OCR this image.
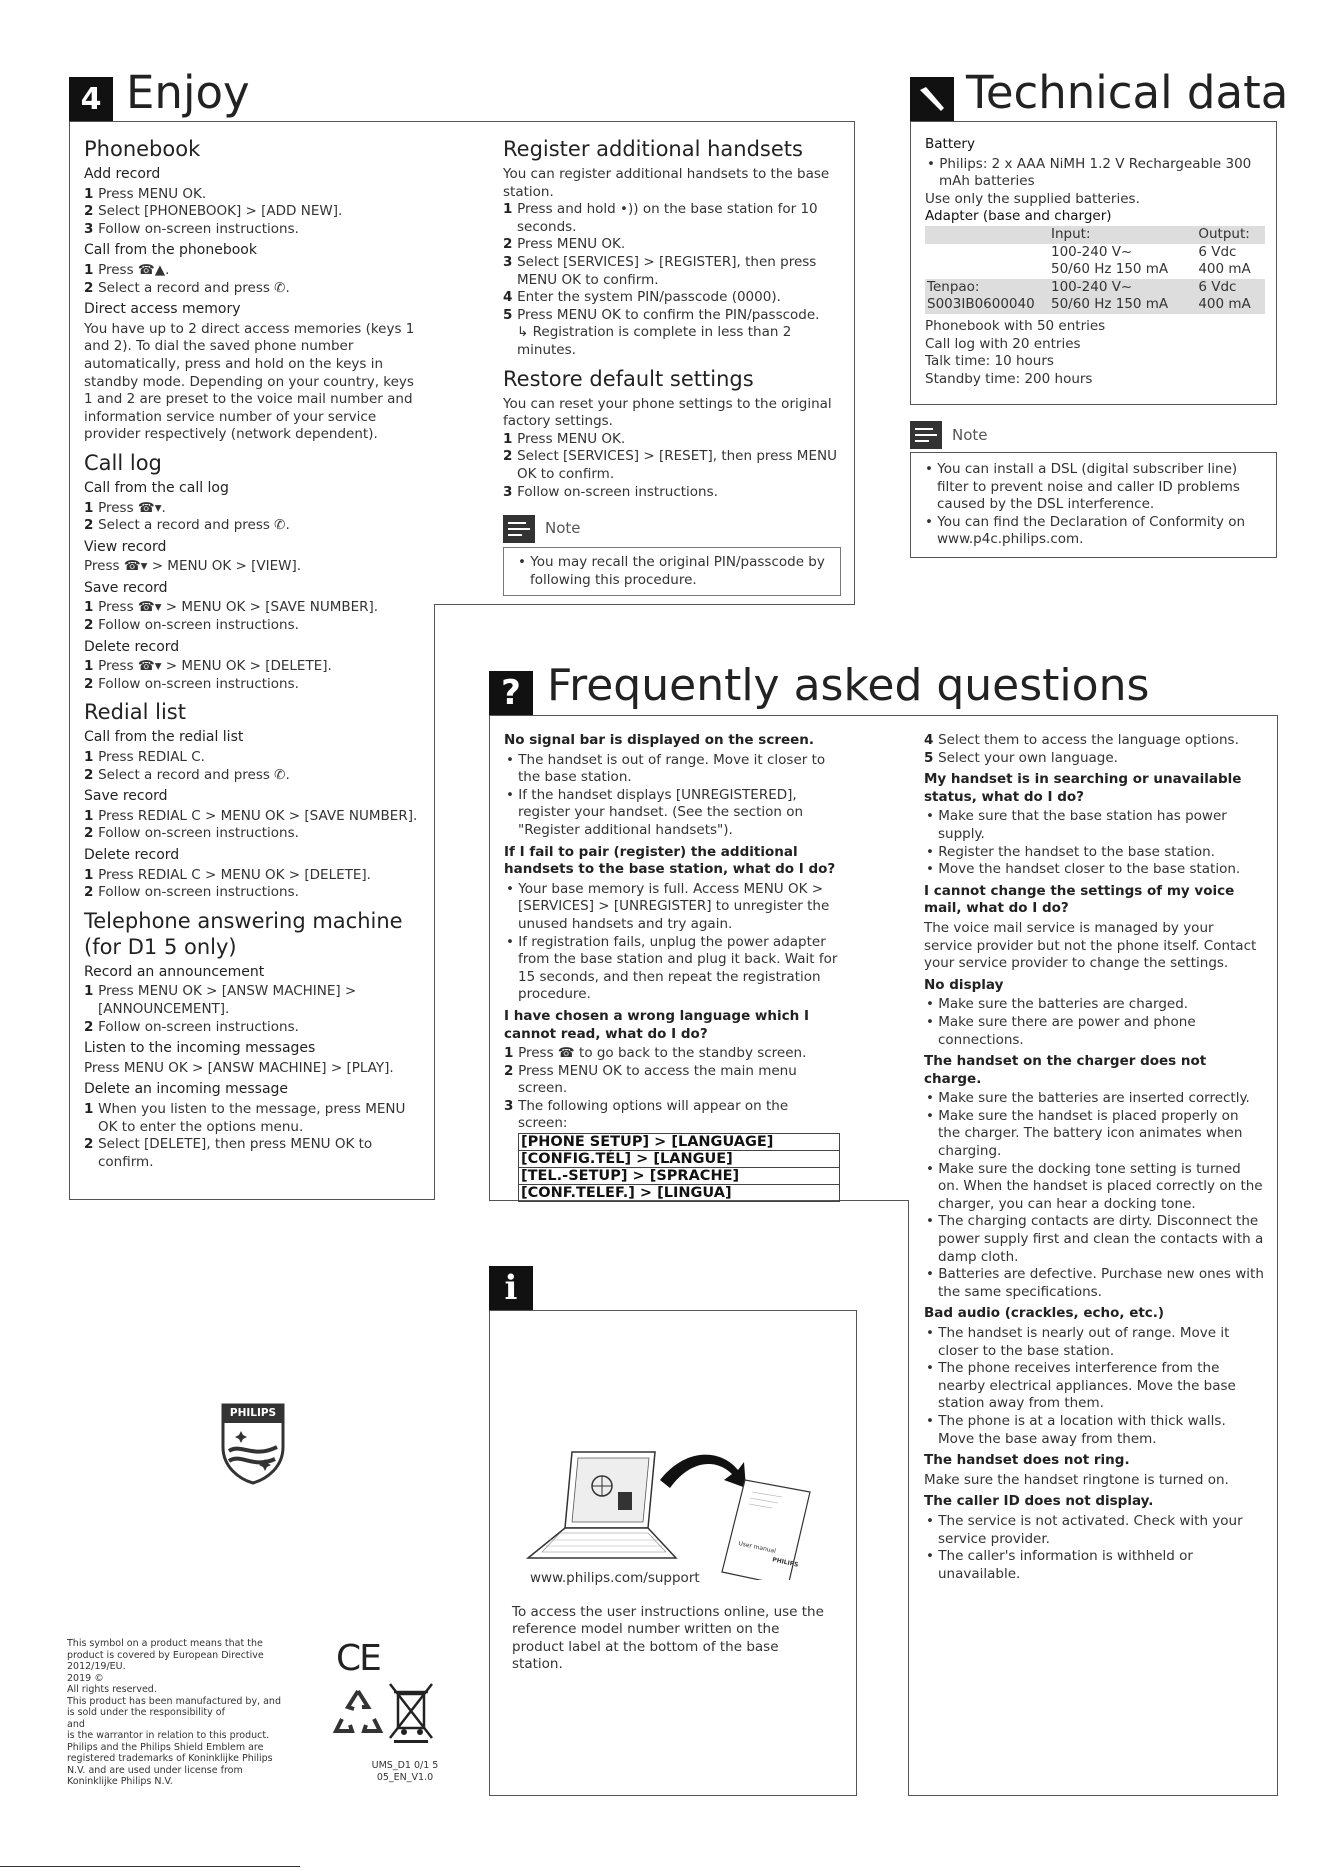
4 Enjoy
Phonebook
Add record

1 Press MENU OK.

2 Select [PHONEBOOK] > [ADD NEW].

3 Follow on-screen instructions.

Call from the phonebook

1 Press ☎▲.

2 Select a record and press ✆.

Direct access memory

You have up to 2 direct access memories (keys 1 and 2). To dial the saved phone number automatically, press and hold on the keys in standby mode. Depending on your country, keys 1 and 2 are preset to the voice mail number and information service number of your service provider respectively (network dependent).

Call log
Call from the call log

1 Press ☎▾.

2 Select a record and press ✆.

View record

Press ☎▾ > MENU OK > [VIEW].

Save record

1 Press ☎▾ > MENU OK > [SAVE NUMBER].

2 Follow on-screen instructions.

Delete record

1 Press ☎▾ > MENU OK > [DELETE].

2 Follow on-screen instructions.

Redial list
Call from the redial list

1 Press REDIAL C.

2 Select a record and press ✆.

Save record

1 Press REDIAL C > MENU OK > [SAVE NUMBER].

2 Follow on-screen instructions.

Delete record

1 Press REDIAL C > MENU OK > [DELETE].

2 Follow on-screen instructions.

Telephone answering machine (for D1 5 only)
Record an announcement

1 Press MENU OK > [ANSW MACHINE] > [ANNOUNCEMENT].

2 Follow on-screen instructions.

Listen to the incoming messages

Press MENU OK > [ANSW MACHINE] > [PLAY].

Delete an incoming message

1 When you listen to the message, press MENU OK to enter the options menu.

2 Select [DELETE], then press MENU OK to confirm.

Register additional handsets

You can register additional handsets to the base station.

1 Press and hold •)) on the base station for 10 seconds.

2 Press MENU OK.

3 Select [SERVICES] > [REGISTER], then press MENU OK to confirm.

4 Enter the system PIN/passcode (0000).

5 Press MENU OK to confirm the PIN/passcode.

↳ Registration is complete in less than 2 minutes.

Restore default settings

You can reset your phone settings to the original factory settings.

1 Press MENU OK.

2 Select [SERVICES] > [RESET], then press MENU OK to confirm.

3 Follow on-screen instructions.

Note

• You may recall the original PIN/passcode by following this procedure.

Technical data
Battery

• Philips: 2 x AAA NiMH 1.2 V Rechargeable 300 mAh batteries

Use only the supplied batteries.

Adapter (base and charger)
	Input:	Output:
	100-240 V~	6 Vdc
	50/60 Hz 150 mA	400 mA
Tenpao:	100-240 V~	6 Vdc
S003IB0600040	50/60 Hz 150 mA	400 mA

Phonebook with 50 entries

Call log with 20 entries

Talk time: 10 hours

Standby time: 200 hours

Note

• You can install a DSL (digital subscriber line) filter to prevent noise and caller ID problems caused by the DSL interference.

• You can find the Declaration of Conformity on www.p4c.philips.com.

? Frequently asked questions
No signal bar is displayed on the screen.

• The handset is out of range. Move it closer to the base station.

• If the handset displays [UNREGISTERED], register your handset. (See the section on "Register additional handsets").

If I fail to pair (register) the additional handsets to the base station, what do I do?

• Your base memory is full. Access MENU OK > [SERVICES] > [UNREGISTER] to unregister the unused handsets and try again.

• If registration fails, unplug the power adapter from the base station and plug it back. Wait for 15 seconds, and then repeat the registration procedure.

I have chosen a wrong language which I cannot read, what do I do?

1 Press ☎ to go back to the standby screen.

2 Press MENU OK to access the main menu screen.

3 The following options will appear on the screen:

[PHONE SETUP] > [LANGUAGE]
[CONFIG.TÉL] > [LANGUE]
[TEL.-SETUP] > [SPRACHE]
[CONF.TELEF.] > [LINGUA]

4 Select them to access the language options.

5 Select your own language.

My handset is in searching or unavailable status, what do I do?

• Make sure that the base station has power supply.

• Register the handset to the base station.

• Move the handset closer to the base station.

I cannot change the settings of my voice mail, what do I do?

The voice mail service is managed by your service provider but not the phone itself. Contact your service provider to change the settings.

No display

• Make sure the batteries are charged.

• Make sure there are power and phone connections.

The handset on the charger does not charge.

• Make sure the batteries are inserted correctly.

• Make sure the handset is placed properly on the charger. The battery icon animates when charging.

• Make sure the docking tone setting is turned on. When the handset is placed correctly on the charger, you can hear a docking tone.

• The charging contacts are dirty. Disconnect the power supply first and clean the contacts with a damp cloth.

• Batteries are defective. Purchase new ones with the same specifications.

Bad audio (crackles, echo, etc.)

• The handset is nearly out of range. Move it closer to the base station.

• The phone receives interference from the nearby electrical appliances. Move the base station away from them.

• The phone is at a location with thick walls. Move the base away from them.

The handset does not ring.

Make sure the handset ringtone is turned on.

The caller ID does not display.

• The service is not activated. Check with your service provider.

• The caller's information is withheld or unavailable.

i
User manual
PHILIPS

www.philips.com/support

To access the user instructions online, use the reference model number written on the product label at the bottom of the base station.

PHILIPS
This symbol on a product means that the product is covered by European Directive 2012/19/EU.
2019 ©
All rights reserved.
This product has been manufactured by, and is sold under the responsibility of
and
is the warrantor in relation to this product.
Philips and the Philips Shield Emblem are registered trademarks of Koninklijke Philips N.V. and are used under license from Koninklijke Philips N.V.
CE
UMS_D1 0/1 5
05_EN_V1.0
